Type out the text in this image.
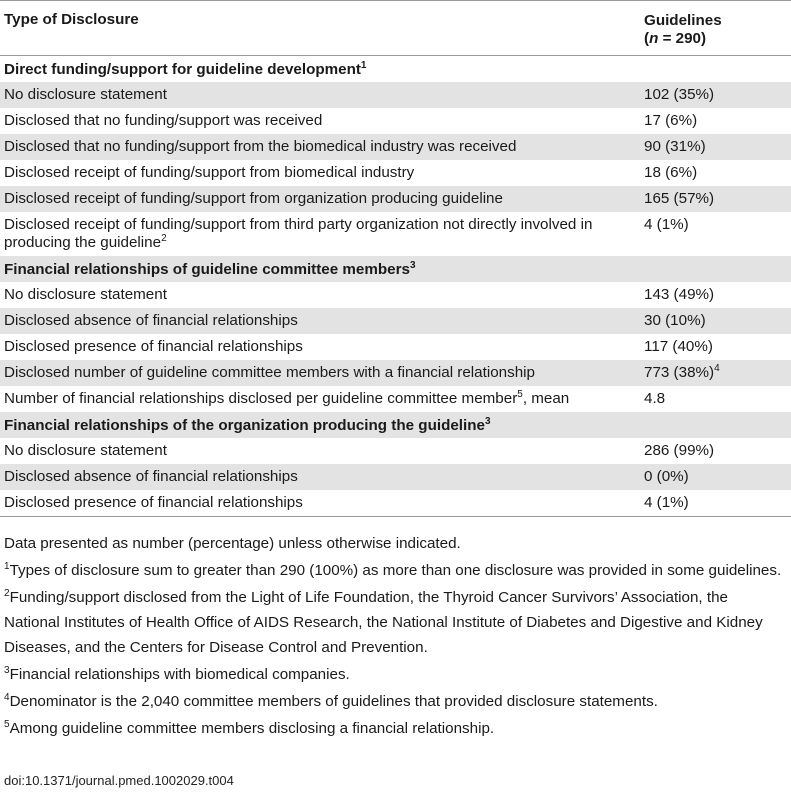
Type of Disclosure	Guidelines
(n = 290)
Direct funding/support for guideline development$^1$
No disclosure statement	102 (35%)
Disclosed that no funding/support was received	17 (6%)
Disclosed that no funding/support from the biomedical industry was received	90 (31%)
Disclosed receipt of funding/support from biomedical industry	18 (6%)
Disclosed receipt of funding/support from organization producing guideline	165 (57%)
Disclosed receipt of funding/support from third party organization not directly involved in producing the guideline$^2$	4 (1%)
Financial relationships of guideline committee members$^3$
No disclosure statement	143 (49%)
Disclosed absence of financial relationships	30 (10%)
Disclosed presence of financial relationships	117 (40%)
Disclosed number of guideline committee members with a financial relationship	773 $(38\%)^4$
Number of financial relationships disclosed per guideline committee member$^5$, mean	4.8
Financial relationships of the organization producing the guideline$^3$
No disclosure statement	286 (99%)
Disclosed absence of financial relationships	0 (0%)
Disclosed presence of financial relationships	4 (1%)

Data presented as number (percentage) unless otherwise indicated.

$^1$Types of disclosure sum to greater than 290 (100%) as more than one disclosure was provided in some guidelines.

$^2$Funding/support disclosed from the Light of Life Foundation, the Thyroid Cancer Survivors’ Association, the National Institutes of Health Office of AIDS Research, the National Institute of Diabetes and Digestive and Kidney Diseases, and the Centers for Disease Control and Prevention.

$^3$Financial relationships with biomedical companies.

$^4$Denominator is the 2,040 committee members of guidelines that provided disclosure statements.

$^5$Among guideline committee members disclosing a financial relationship.

doi:10.1371/journal.pmed.1002029.t004
